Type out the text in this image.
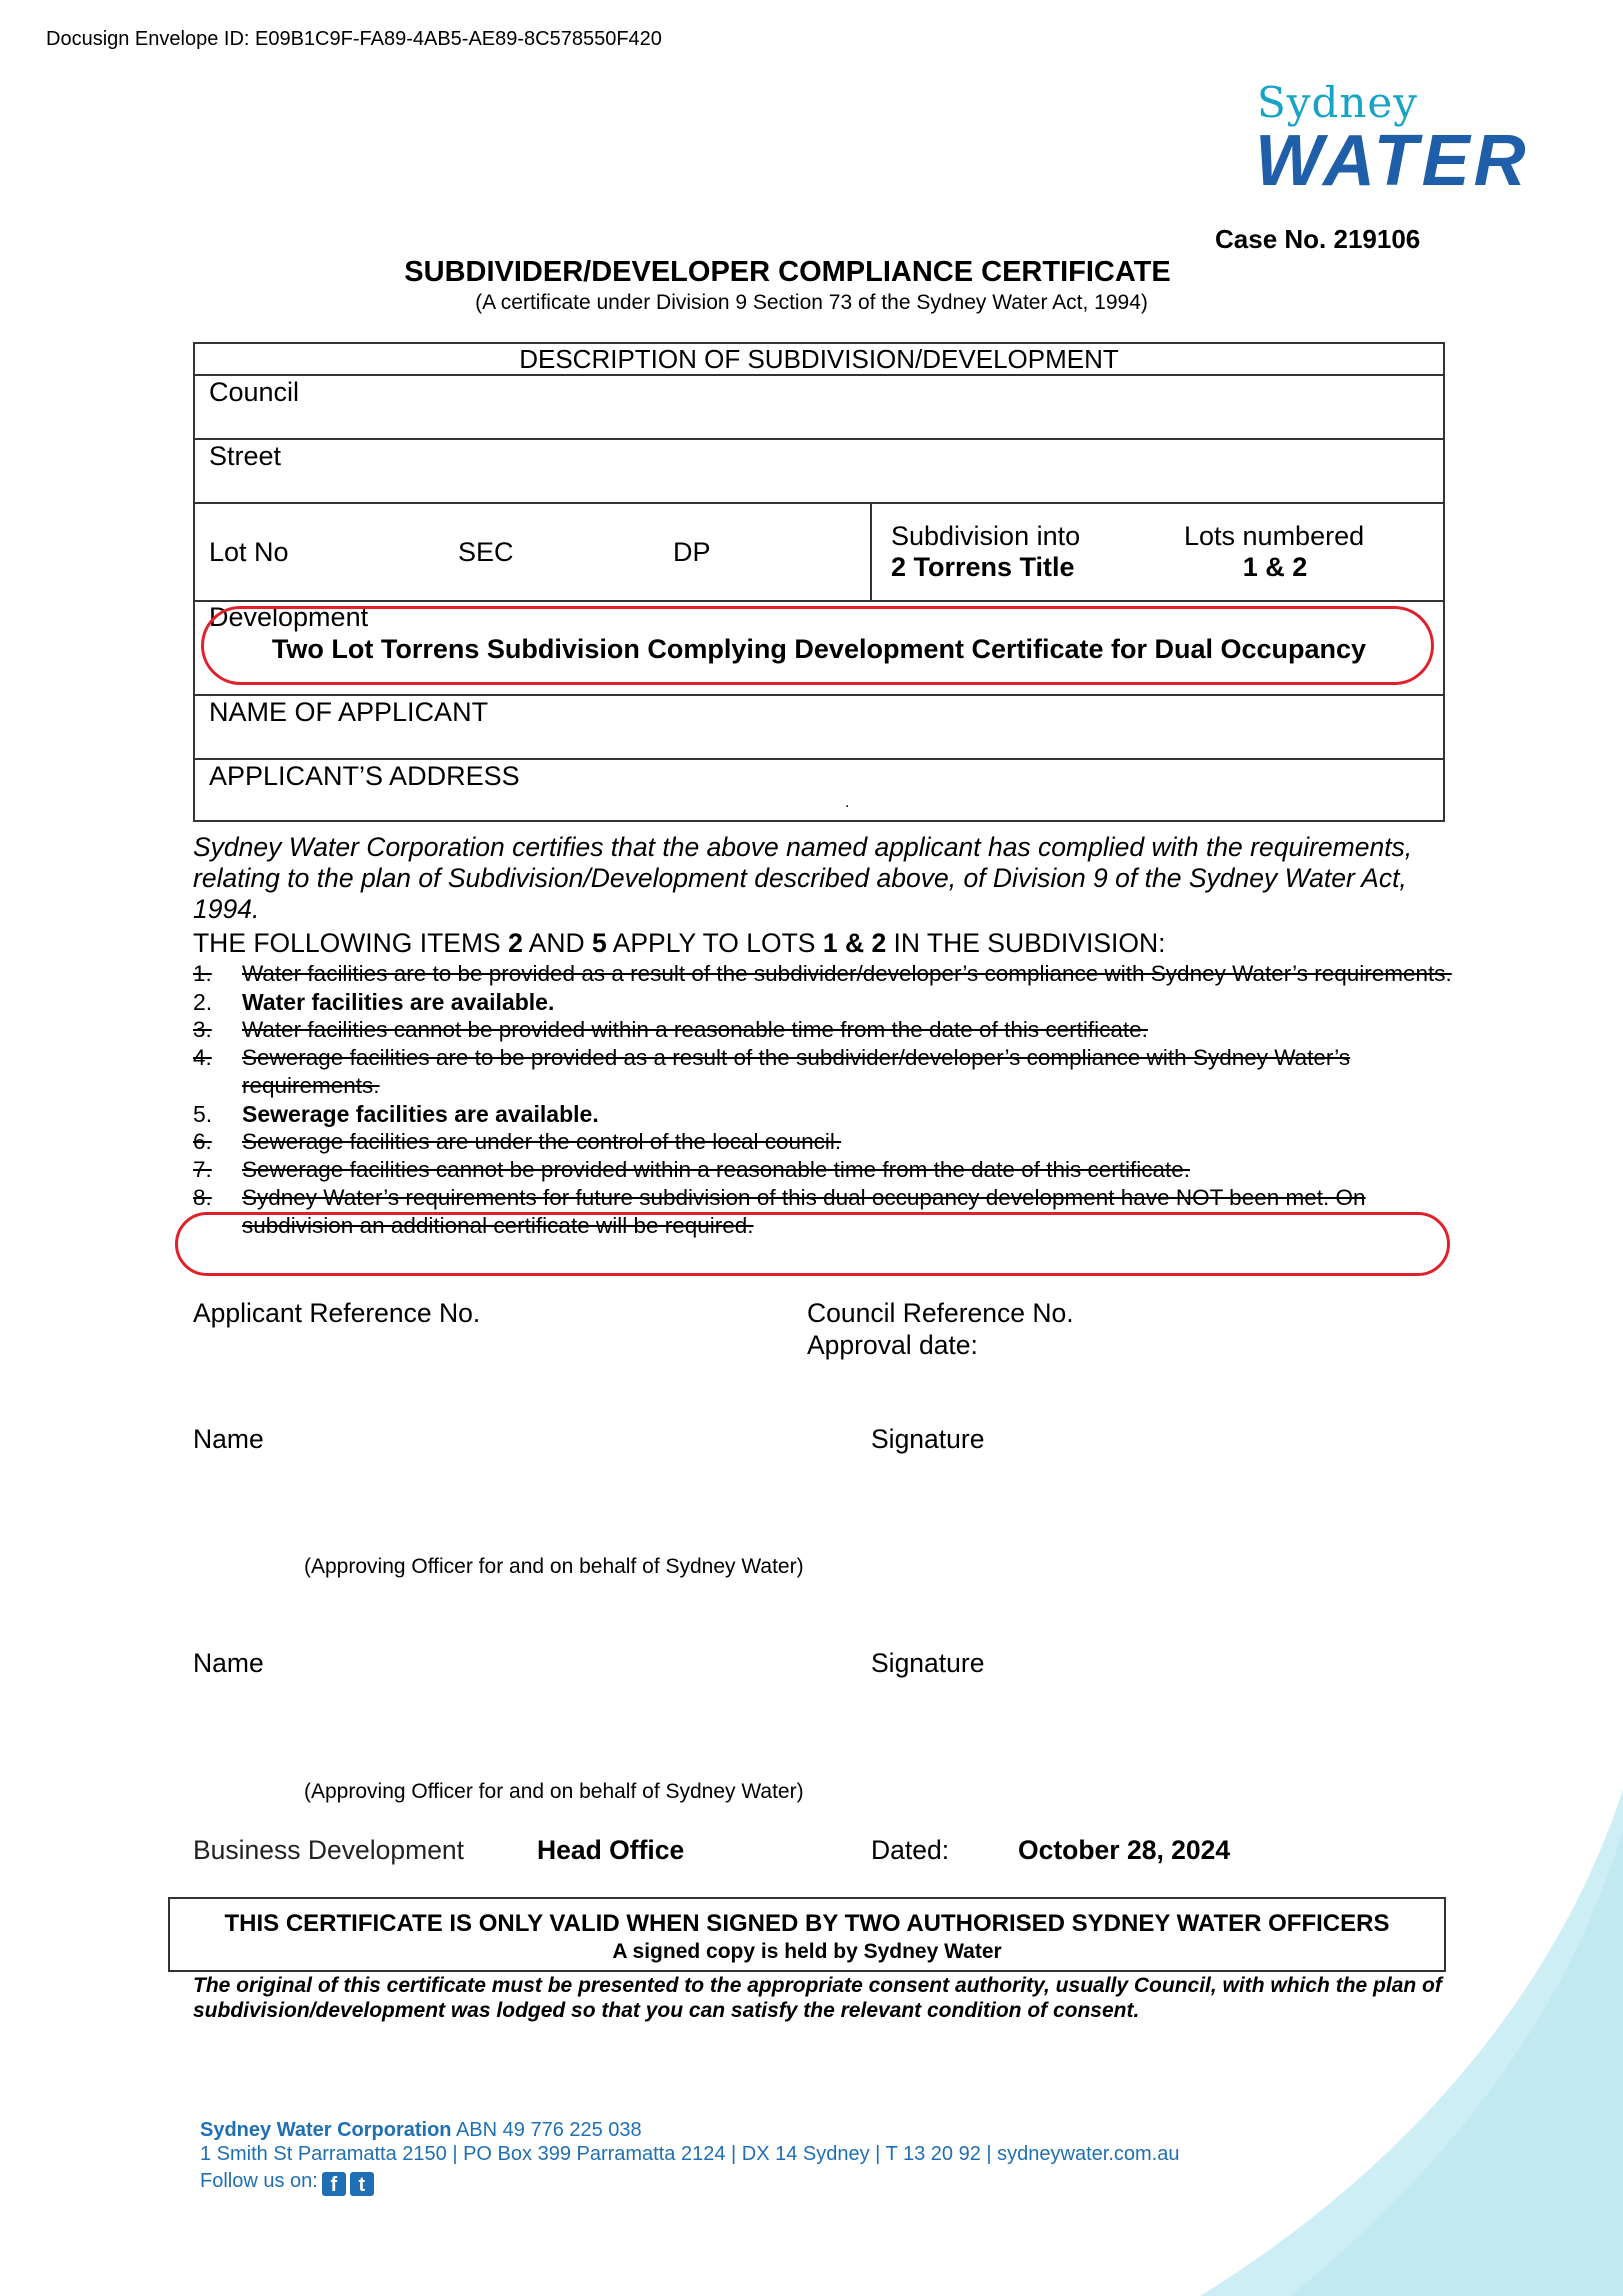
Docusign Envelope ID: E09B1C9F-FA89-4AB5-AE89-8C578550F420
Sydney
WATER
Case No. 219106
SUBDIVIDER/DEVELOPER COMPLIANCE CERTIFICATE
(A certificate under Division 9 Section 73 of the Sydney Water Act, 1994)
DESCRIPTION OF SUBDIVISION/DEVELOPMENT
Council
Street
Lot No	SEC	DP
Subdivision into
2 Torrens Title
Lots numbered
1 & 2
Development
Two Lot Torrens Subdivision Complying Development Certificate for Dual Occupancy
NAME OF APPLICANT
APPLICANT’S ADDRESS
.
Sydney Water Corporation certifies that the above named applicant has complied with the requirements, relating to the plan of Subdivision/Development described above, of Division 9 of the Sydney Water Act, 1994.
THE FOLLOWING ITEMS 2 AND 5 APPLY TO LOTS 1 & 2 IN THE SUBDIVISION:
1. Water facilities are to be provided as a result of the subdivider/developer’s compliance with Sydney Water’s requirements.
2. Water facilities are available.
3. Water facilities cannot be provided within a reasonable time from the date of this certificate.
4. Sewerage facilities are to be provided as a result of the subdivider/developer’s compliance with Sydney Water’s requirements.
5. Sewerage facilities are available.
6. Sewerage facilities are under the control of the local council.
7. Sewerage facilities cannot be provided within a reasonable time from the date of this certificate.
8. Sydney Water’s requirements for future subdivision of this dual occupancy development have NOT been met. On subdivision an additional certificate will be required.
Applicant Reference No.	Council Reference No.
Approval date:
Name	Signature
(Approving Officer for and on behalf of Sydney Water)
Name	Signature
(Approving Officer for and on behalf of Sydney Water)
Business Development	Head Office	Dated:	October 28, 2024
THIS CERTIFICATE IS ONLY VALID WHEN SIGNED BY TWO AUTHORISED SYDNEY WATER OFFICERS
A signed copy is held by Sydney Water
The original of this certificate must be presented to the appropriate consent authority, usually Council, with which the plan of subdivision/development was lodged so that you can satisfy the relevant condition of consent.
Sydney Water Corporation ABN 49 776 225 038
1 Smith St Parramatta 2150 | PO Box 399 Parramatta 2124 | DX 14 Sydney | T 13 20 92 | sydneywater.com.au
Follow us on: f t
